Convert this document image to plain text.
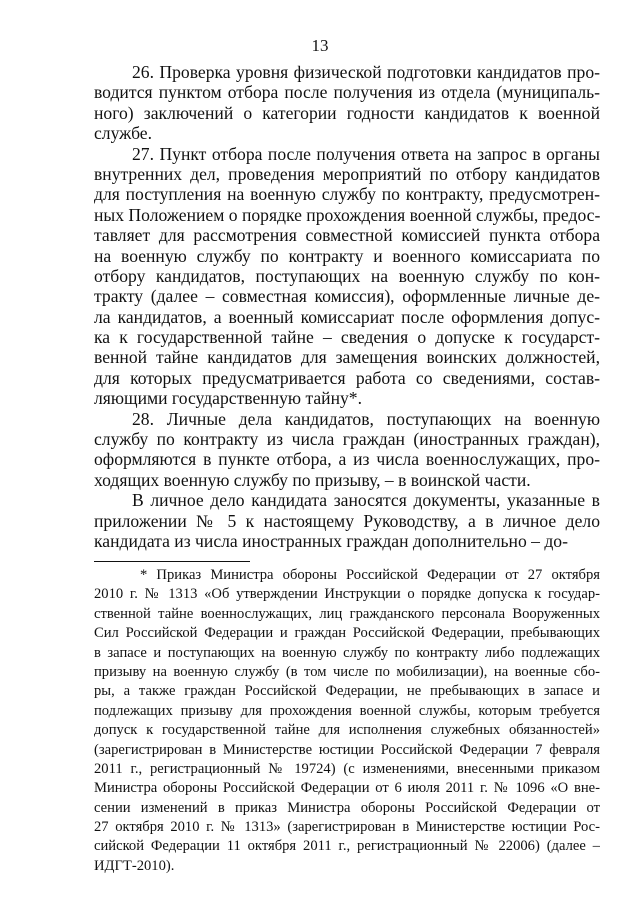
13
26. Проверка уровня физической подготовки кандидатов про-
водится пунктом отбора после получения из отдела (муниципаль-
ного) заключений о категории годности кандидатов к военной
службе.
27. Пункт отбора после получения ответа на запрос в органы
внутренних дел, проведения мероприятий по отбору кандидатов
для поступления на военную службу по контракту, предусмотрен-
ных Положением о порядке прохождения военной службы, предос-
тавляет для рассмотрения совместной комиссией пункта отбора
на военную службу по контракту и военного комиссариата по
отбору кандидатов, поступающих на военную службу по кон-
тракту (далее – совместная комиссия), оформленные личные де-
ла кандидатов, а военный комиссариат после оформления допус-
ка к государственной тайне – сведения о допуске к государст-
венной тайне кандидатов для замещения воинских должностей,
для которых предусматривается работа со сведениями, состав-
ляющими государственную тайну*.
28. Личные дела кандидатов, поступающих на военную
службу по контракту из числа граждан (иностранных граждан),
оформляются в пункте отбора, а из числа военнослужащих, про-
ходящих военную службу по призыву, – в воинской части.
В личное дело кандидата заносятся документы, указанные в
приложении № 5 к настоящему Руководству, а в личное дело
кандидата из числа иностранных граждан дополнительно – до-
* Приказ Министра обороны Российской Федерации от 27 октября
2010 г. № 1313 «Об утверждении Инструкции о порядке допуска к государ-
ственной тайне военнослужащих, лиц гражданского персонала Вооруженных
Сил Российской Федерации и граждан Российской Федерации, пребывающих
в запасе и поступающих на военную службу по контракту либо подлежащих
призыву на военную службу (в том числе по мобилизации), на военные сбо-
ры, а также граждан Российской Федерации, не пребывающих в запасе и
подлежащих призыву для прохождения военной службы, которым требуется
допуск к государственной тайне для исполнения служебных обязанностей»
(зарегистрирован в Министерстве юстиции Российской Федерации 7 февраля
2011 г., регистрационный № 19724) (с изменениями, внесенными приказом
Министра обороны Российской Федерации от 6 июля 2011 г. № 1096 «О вне-
сении изменений в приказ Министра обороны Российской Федерации от
27 октября 2010 г. № 1313» (зарегистрирован в Министерстве юстиции Рос-
сийской Федерации 11 октября 2011 г., регистрационный № 22006) (далее –
ИДГТ-2010).
